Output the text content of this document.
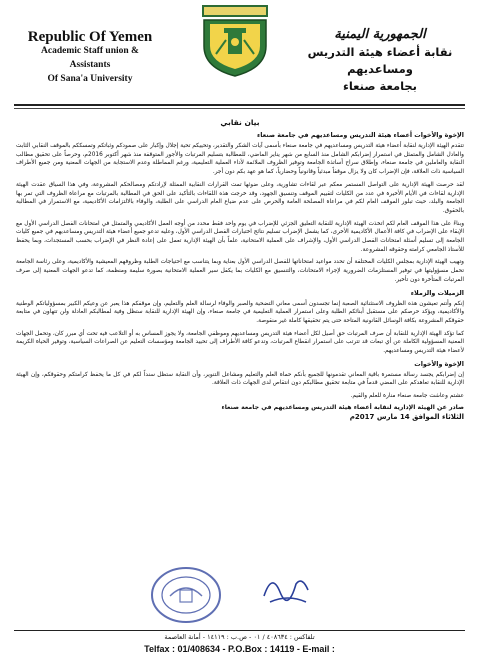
Republic Of Yemen
Academic Staff union & Assistants
Of Sana'a University
الجمهورية اليمنية
نقابة أعضاء هيئة التدريس ومساعديهم
بجامعة صنعاء
بيان نقابي
الإخوة والأخوات أعضاء هيئة التدريس ومساعديهم في جامعة صنعاء

تتقدم الهيئة الإدارية لنقابة أعضاء هيئة التدريس ومساعديهم في جامعة صنعاء بأسمى آيات الشكر والتقدير، وتحييكم تحية إجلال وإكبار على صمودكم وثباتكم وتمسككم بالموقف النقابي الثابت والعادل الشامل والمتمثل في استمرار إضرابكم الشامل منذ السابع من شهر يناير الماضي، للمطالبة بتسليم المرتبات والأجور المتوقفة منذ شهر أكتوبر 2016م، وحرصاً على تحقيق مطالب النقابة والعاملين في جامعة صنعاء، وإطلاق سراح أساتذة الجامعة وتوفير الظروف الملائمة لأداء العملية التعليمية، ورغم المماطلة وعدم الاستجابة من الجهات المعنية ومن جميع الأطراف السياسية ذات العلاقة، فإن الإضراب كان ولا يزال موقفاً مبدئياً وقانونياً وحضارياً، كما هو عهد بكم دون أجر.

لقد حرصت الهيئة الإدارية على التواصل المستمر معكم عبر لقاءات تشاورية، وعلى ضوئها تمت القرارات النقابية الممثلة لإرادتكم ومصالحكم المشروعة، وفي هذا السياق عقدت الهيئة الإدارية لقاءات في الأيام الأخيرة في عدد من الكليات لتقييم الموقف وتنسيق الجهود، وقد خرجت هذه اللقاءات بالتأكيد على الحق في المطالبة بالمرتبات مع مراعاة الظروف التي تمر بها الجامعة والبلد، حيث تبلور الموقف العام لكم في مراعاة المصلحة العامة والحرص على عدم ضياع العام الدراسي على الطلبة، والوفاء بالالتزامات الأكاديمية، مع الاستمرار في المطالبة بالحقوق.

وبناءً على هذا الموقف العام لكم اتخذت الهيئة الإدارية للنقابة التعليق الجزئي للإضراب في يوم واحد فقط محدد من أوجه العمل الأكاديمي والمتمثل في امتحانات الفصل الدراسي الأول مع الإبقاء على الإضراب في كافة الأعمال الأكاديمية الأخرى، كما يشمل الإضراب تسليم نتائج اختبارات الفصل الدراسي الأول، وعليه تدعو جميع أعضاء هيئة التدريس ومساعديهم في جميع كليات الجامعة إلى تسليم أسئلة امتحانات الفصل الدراسي الأول، والإشراف على العملية الامتحانية، علماً بأن الهيئة الإدارية تعمل على إعادة النظر في الإضراب بحسب المستجدات، وبما يحفظ للأستاذ الجامعي كرامته وحقوقه المشروعة.

وتهيب الهيئة الإدارية بمجلس الكليات المختلفة أن تحدد مواعيد امتحاناتها للفصل الدراسي الأول بعناية وبما يتناسب مع احتياجات الطلبة وظروفهم المعيشية والأكاديمية، وعلى رئاسة الجامعة تحمل مسؤوليتها في توفير المستلزمات الضرورية لإجراء الامتحانات، والتنسيق مع الكليات بما يكفل سير العملية الامتحانية بصورة سليمة ومنظمة، كما تدعو الجهات المعنية إلى صرف المرتبات المتأخرة دون تأخير.

الزميلات والزملاء

إنكم وأنتم تعيشون هذه الظروف الاستثنائية الصعبة إنما تجسدون أسمى معاني التضحية والصبر والوفاء لرسالة العلم والتعليم، وإن موقفكم هذا يعبر عن وعيكم الكبير بمسؤولياتكم الوطنية والأكاديمية، ويؤكد حرصكم على مستقبل أبنائكم الطلبة وعلى استمرار العملية التعليمية في جامعة صنعاء، وإن الهيئة الإدارية للنقابة ستظل وفية لمطالبكم العادلة ولن تتهاون في متابعة حقوقكم المشروعة بكافة الوسائل القانونية المتاحة حتى يتم تحقيقها كاملة غير منقوصة.

كما تؤكد الهيئة الإدارية للنقابة أن صرف المرتبات حق أصيل لكل أعضاء هيئة التدريس ومساعديهم وموظفي الجامعة، ولا يجوز المساس به أو التلاعب فيه تحت أي مبرر كان، وتحمل الجهات المعنية المسؤولية الكاملة عن أي تبعات قد تترتب على استمرار انقطاع المرتبات، وتدعو كافة الأطراف إلى تحييد الجامعة ومؤسسات التعليم عن الصراعات السياسية، وتوفير الحياة الكريمة لأعضاء هيئة التدريس ومساعديهم.

الإخوة والأخوات

إن إضرابكم يجسد رسالة مستمرة باقية المعاني تقدمونها للجميع بأنكم حماة العلم والتعليم ومشاعل التنوير، وأن النقابة ستظل سنداً لكم في كل ما يحفظ كرامتكم وحقوقكم، وإن الهيئة الإدارية للنقابة تعاهدكم على المضي قدماً في متابعة تحقيق مطالبكم دون انتقاص لدى الجهات ذات العلاقة.

عشتم وعاشت جامعة صنعاء منارة للعلم والقيم.
صادر عن الهيئة الإدارية لنقابة أعضاء هيئة التدريس ومساعديهم في جامعة صنعاء
الثلاثاء الموافق 14 مارس 2017م
تلفاكس : ٤٠٨٦٣٤ / ٠١ - ص.ب : ١٤١١٩ - أمانة العاصمة
Telfax : 01/408634 - P.O.Box : 14119 - E-mail :
